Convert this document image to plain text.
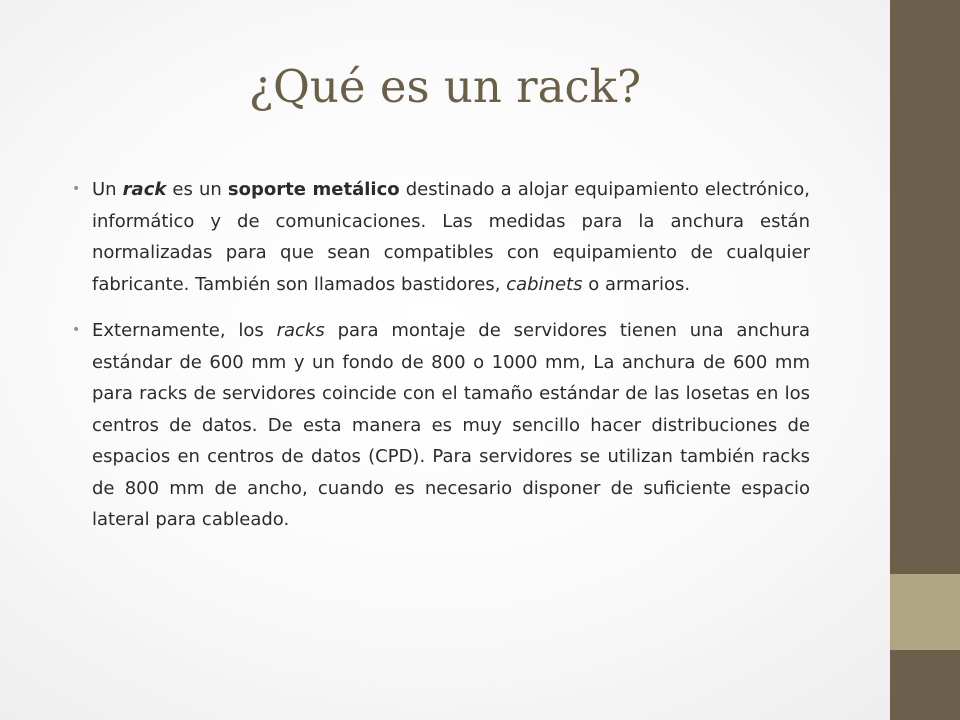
¿Qué es un rack?
• Un rack es un soporte metálico destinado a alojar equipamiento electrónico, informático y de comunicaciones. Las medidas para la anchura están normalizadas para que sean compatibles con equipamiento de cualquier fabricante. También son llamados bastidores, cabinets o armarios.
• Externamente, los racks para montaje de servidores tienen una anchura estándar de 600 mm y un fondo de 800 o 1000 mm, La anchura de 600 mm para racks de servidores coincide con el tamaño estándar de las losetas en los centros de datos. De esta manera es muy sencillo hacer distribuciones de espacios en centros de datos (CPD). Para servidores se utilizan también racks de 800 mm de ancho, cuando es necesario disponer de suficiente espacio lateral para cableado.
